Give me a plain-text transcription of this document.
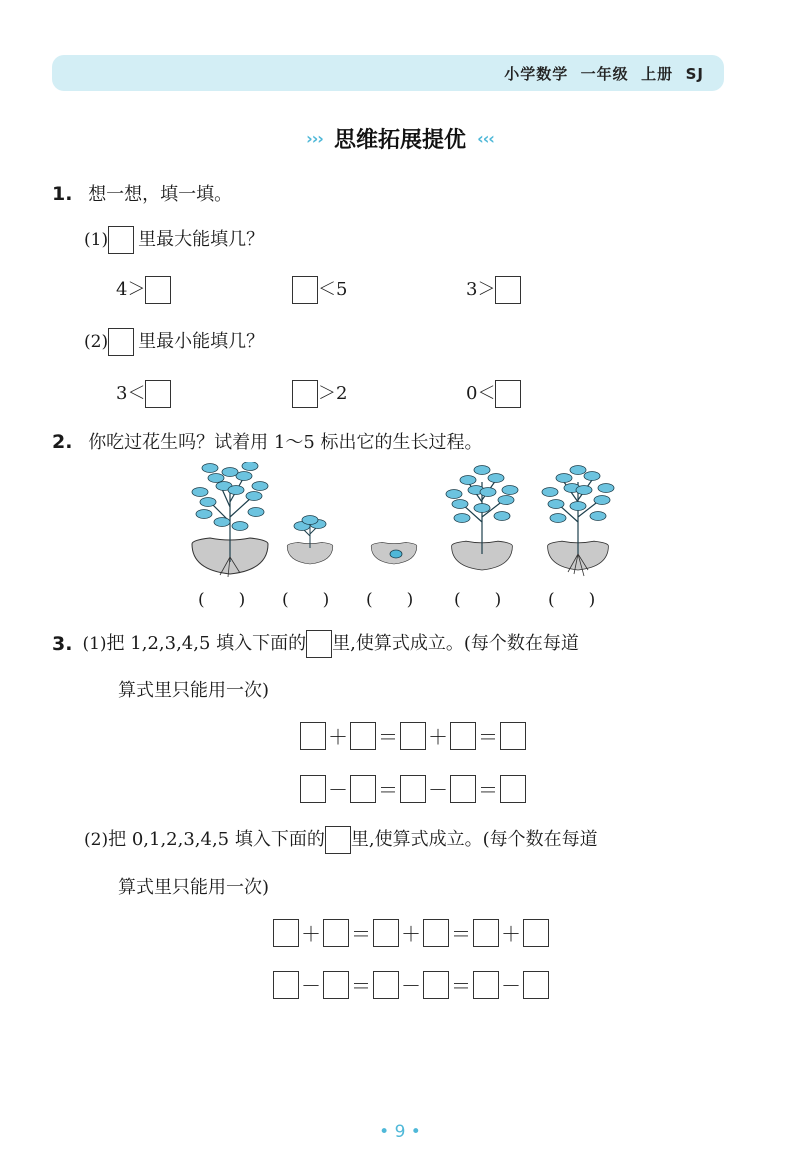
小学数学 一年级 上册 SJ
››› 思维拓展提优 ‹‹‹
1. 想一想，填一填。
(1) 里最大能填几？
4＞	＜5	3＞
(2) 里最小能填几？
3＜	＞2	0＜
2. 你吃过花生吗？试着用 1～5 标出它的生长过程。
(　　) (　　) (　　) (　　)	(　　)
3. (1) 把 1,2,3,4,5 填入下面的 里,使算式成立。(每个数在每道
算式里只能用一次)
＋ ＝ ＋ ＝
－ ＝ － ＝
(2) 把 0,1,2,3,4,5 填入下面的 里,使算式成立。(每个数在每道
算式里只能用一次)
＋ ＝ ＋ ＝ ＋
－ ＝ － ＝ －
• 9 •
